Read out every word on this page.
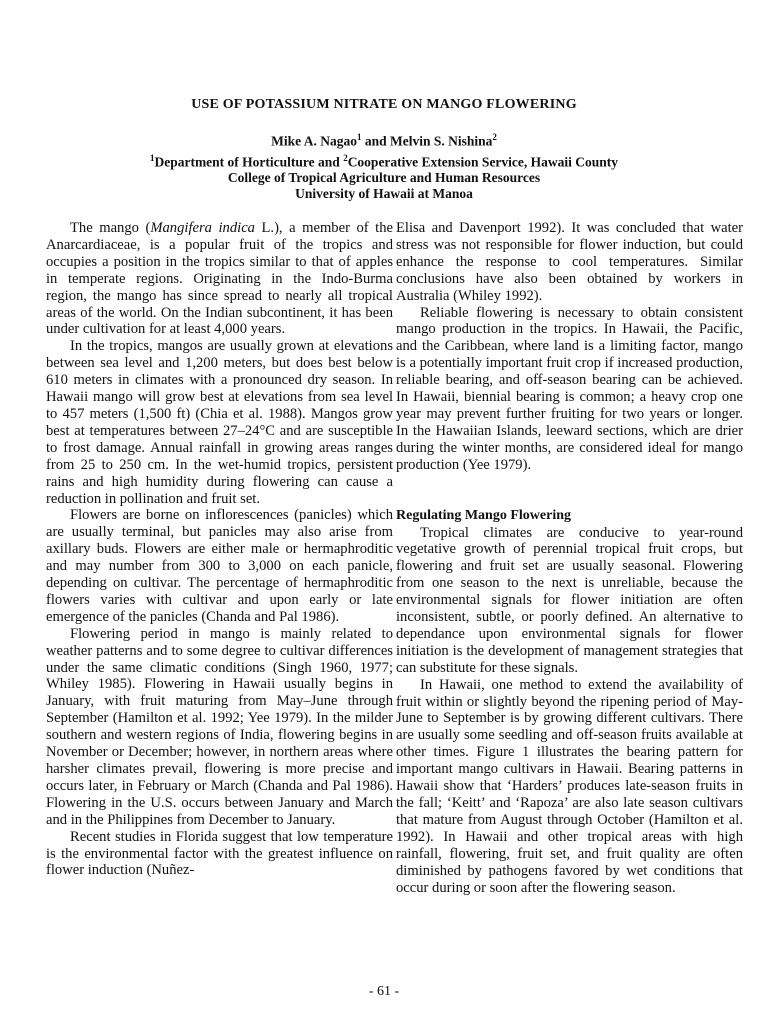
USE OF POTASSIUM NITRATE ON MANGO FLOWERING
Mike A. Nagao$^1$ and Melvin S. Nishina$^2$
$^1$Department of Horticulture and $^2$Cooperative Extension Service, Hawaii County
College of Tropical Agriculture and Human Resources
University of Hawaii at Manoa

The mango (Mangifera indica L.), a member of the Anarcardiaceae, is a popular fruit of the tropics and occupies a position in the tropics similar to that of apples in temperate regions. Originating in the Indo-Burma region, the mango has since spread to nearly all tropical areas of the world. On the Indian subcontinent, it has been under cultivation for at least 4,000 years.

In the tropics, mangos are usually grown at elevations between sea level and 1,200 meters, but does best below 610 meters in climates with a pronounced dry season. In Hawaii mango will grow best at elevations from sea level to 457 meters (1,500 ft) (Chia et al. 1988). Mangos grow best at temperatures between 27–24°C and are susceptible to frost damage. Annual rainfall in growing areas ranges from 25 to 250 cm. In the wet-humid tropics, persistent rains and high humidity during flowering can cause a reduction in pollination and fruit set.

Flowers are borne on inflorescences (panicles) which are usually terminal, but panicles may also arise from axillary buds. Flowers are either male or hermaphroditic and may number from 300 to 3,000 on each panicle, depending on cultivar. The percentage of hermaphroditic flowers varies with cultivar and upon early or late emergence of the panicles (Chanda and Pal 1986).

Flowering period in mango is mainly related to weather patterns and to some degree to cultivar differences under the same climatic conditions (Singh 1960, 1977; Whiley 1985). Flowering in Hawaii usually begins in January, with fruit maturing from May–June through September (Hamilton et al. 1992; Yee 1979). In the milder southern and western regions of India, flowering begins in November or December; however, in northern areas where harsher climates prevail, flowering is more precise and occurs later, in February or March (Chanda and Pal 1986). Flowering in the U.S. occurs between January and March and in the Philippines from December to January.

Recent studies in Florida suggest that low temperature is the environmental factor with the greatest influence on flower induction (Nuñez-

Elisa and Davenport 1992). It was concluded that water stress was not responsible for flower induction, but could enhance the response to cool temperatures. Similar conclusions have also been obtained by workers in Australia (Whiley 1992).

Reliable flowering is necessary to obtain consistent mango production in the tropics. In Hawaii, the Pacific, and the Caribbean, where land is a limiting factor, mango is a potentially important fruit crop if increased production, reliable bearing, and off-season bearing can be achieved. In Hawaii, biennial bearing is common; a heavy crop one year may prevent further fruiting for two years or longer. In the Hawaiian Islands, leeward sections, which are drier during the winter months, are considered ideal for mango production (Yee 1979).

Regulating Mango Flowering

Tropical climates are conducive to year-round vegetative growth of perennial tropical fruit crops, but flowering and fruit set are usually seasonal. Flowering from one season to the next is unreliable, because the environmental signals for flower initiation are often inconsistent, subtle, or poorly defined. An alternative to dependance upon environmental signals for flower initiation is the development of management strategies that can substitute for these signals.

In Hawaii, one method to extend the availability of fruit within or slightly beyond the ripening period of May-June to September is by growing different cultivars. There are usually some seedling and off-season fruits available at other times. Figure 1 illustrates the bearing pattern for important mango cultivars in Hawaii. Bearing patterns in Hawaii show that ‘Harders’ produces late-season fruits in the fall; ‘Keitt’ and ‘Rapoza’ are also late season cultivars that mature from August through October (Hamilton et al. 1992). In Hawaii and other tropical areas with high rainfall, flowering, fruit set, and fruit quality are often diminished by pathogens favored by wet conditions that occur during or soon after the flowering season.

- 61 -
